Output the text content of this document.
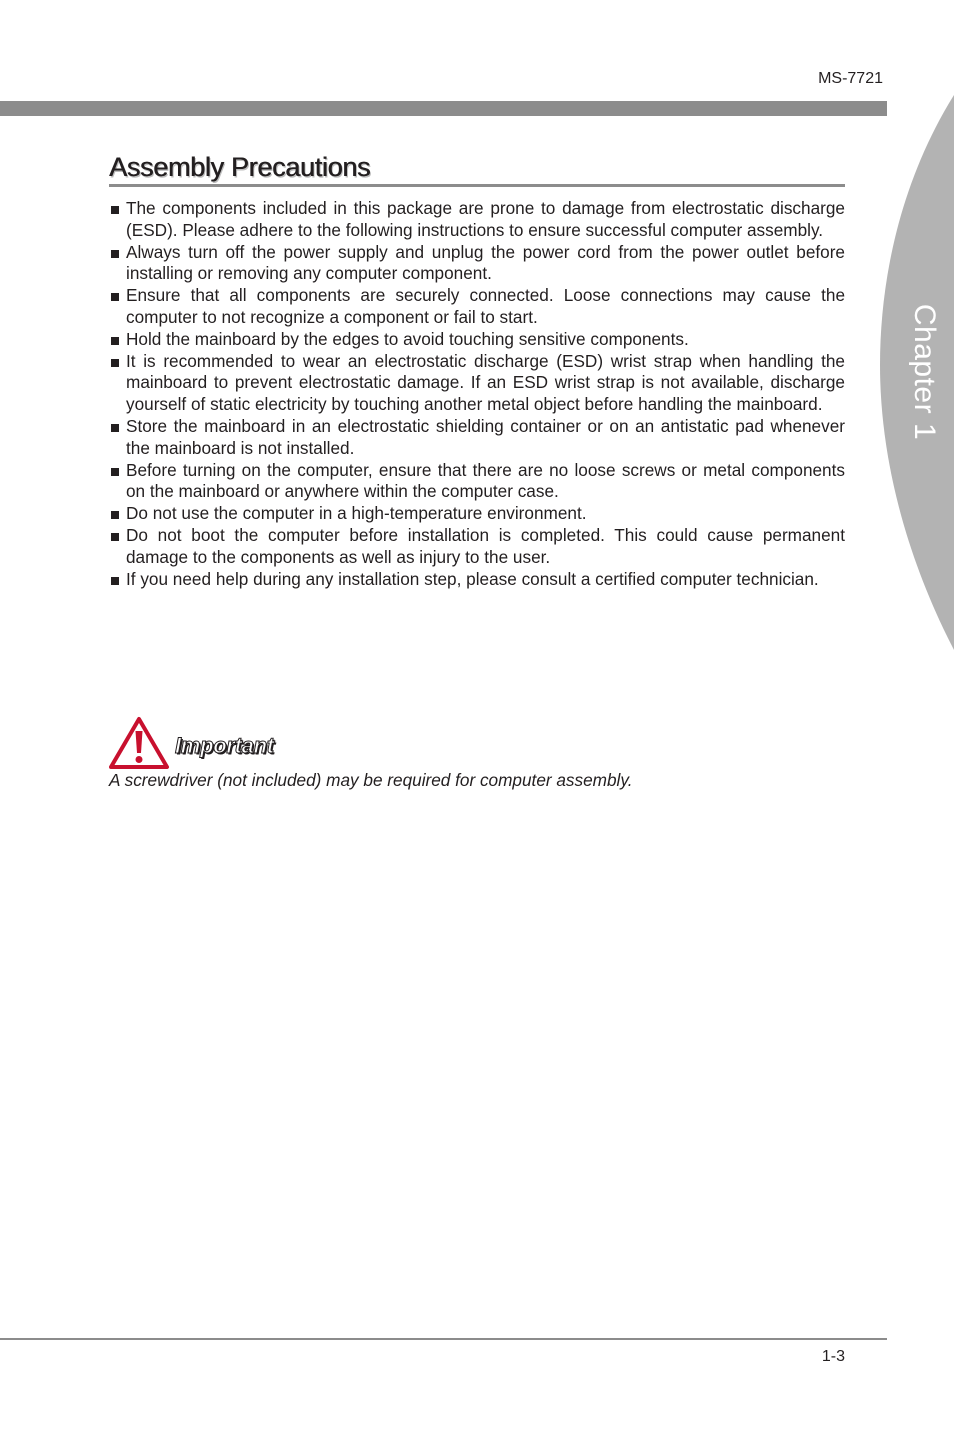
MS-7721
Chapter 1
Assembly Precautions
The components included in this package are prone to damage from electrostatic discharge (ESD). Please adhere to the following instructions to ensure successful computer assembly.
Always turn off the power supply and unplug the power cord from the power outlet before installing or removing any computer component.
Ensure that all components are securely connected. Loose connections may cause the computer to not recognize a component or fail to start.
Hold the mainboard by the edges to avoid touching sensitive components.
It is recommended to wear an electrostatic discharge (ESD) wrist strap when handling the mainboard to prevent electrostatic damage. If an ESD wrist strap is not available, discharge yourself of static electricity by touching another metal object before handling the mainboard.
Store the mainboard in an electrostatic shielding container or on an antistatic pad whenever the mainboard is not installed.
Before turning on the computer, ensure that there are no loose screws or metal components on the mainboard or anywhere within the computer case.
Do not use the computer in a high-temperature environment.
Do not boot the computer before installation is completed. This could cause permanent damage to the components as well as injury to the user.
If you need help during any installation step, please consult a certified computer technician.
Important

A screwdriver (not included) may be required for computer assembly.

1-3
